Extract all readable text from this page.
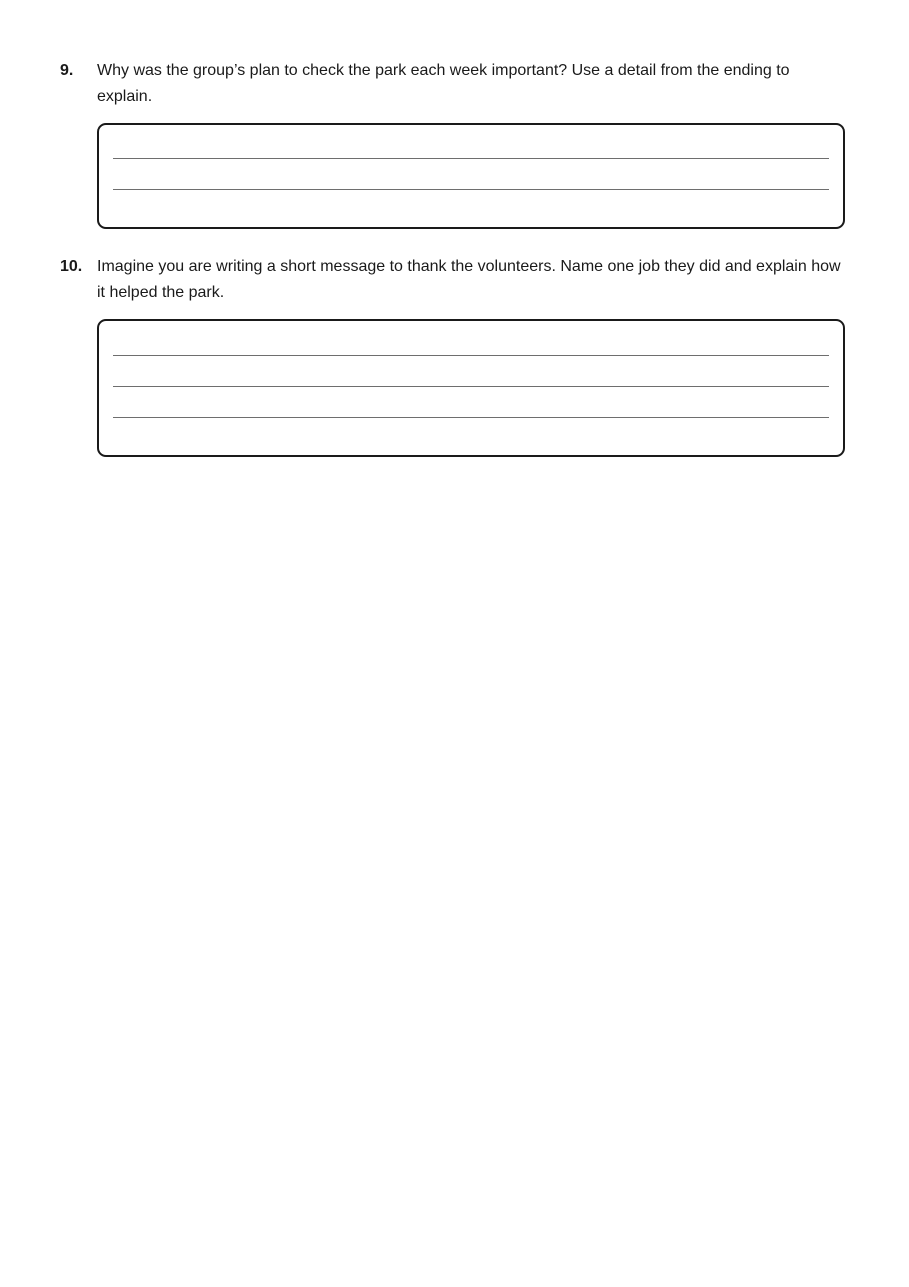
9. Why was the group’s plan to check the park each week important? Use a detail from the ending to explain.
10. Imagine you are writing a short message to thank the volunteers. Name one job they did and explain how it helped the park.
